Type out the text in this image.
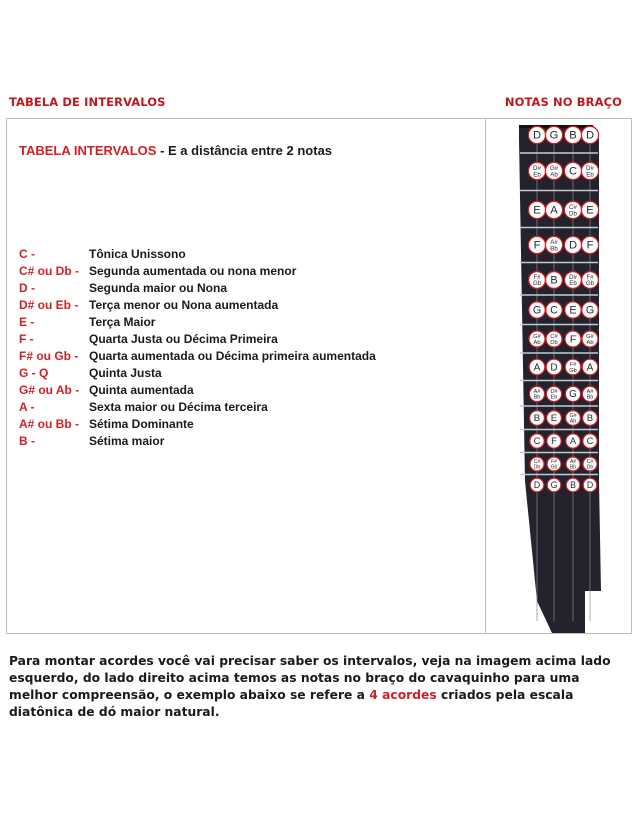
TABELA DE INTERVALOS	NOTAS NO BRAÇO
TABELA INTERVALOS - E a distância entre 2 notas
C -	Tônica Unissono
C# ou Db - Segunda aumentada ou nona menor
D -	Segunda maior ou Nona
D# ou Eb - Terça menor ou Nona aumentada
E -	Terça Maior
F -	Quarta Justa ou Décima Primeira
F# ou Gb - Quarta aumentada ou Décima primeira aumentada
G - Q	Quinta Justa
G# ou Ab - Quinta aumentada
A -	Sexta maior ou Décima terceira
A# ou Bb - Sétima Dominante
B -	Sétima maior
D G B D
D#
Eb
G#
Ab C D#
Eb
E A C#
Db E
F A#
Bb D F
F#
Gb B D#
Eb
F#
Gb
G C E G
G#
Ab
C#
Db F G#
Ab
A D F#
Gb A
A#
Bb
D#
Eb G A#
Bb
B E G#
Ab B
C F A C
C#
Db
F#
Gb
A#
Bb
C#
Db
D G B D
Para montar acordes você vai precisar saber os intervalos, veja na imagem acima lado esquerdo, do lado direito acima temos as notas no braço do cavaquinho para uma melhor compreensão, o exemplo abaixo se refere a 4 acordes criados pela escala diatônica de dó maior natural.
